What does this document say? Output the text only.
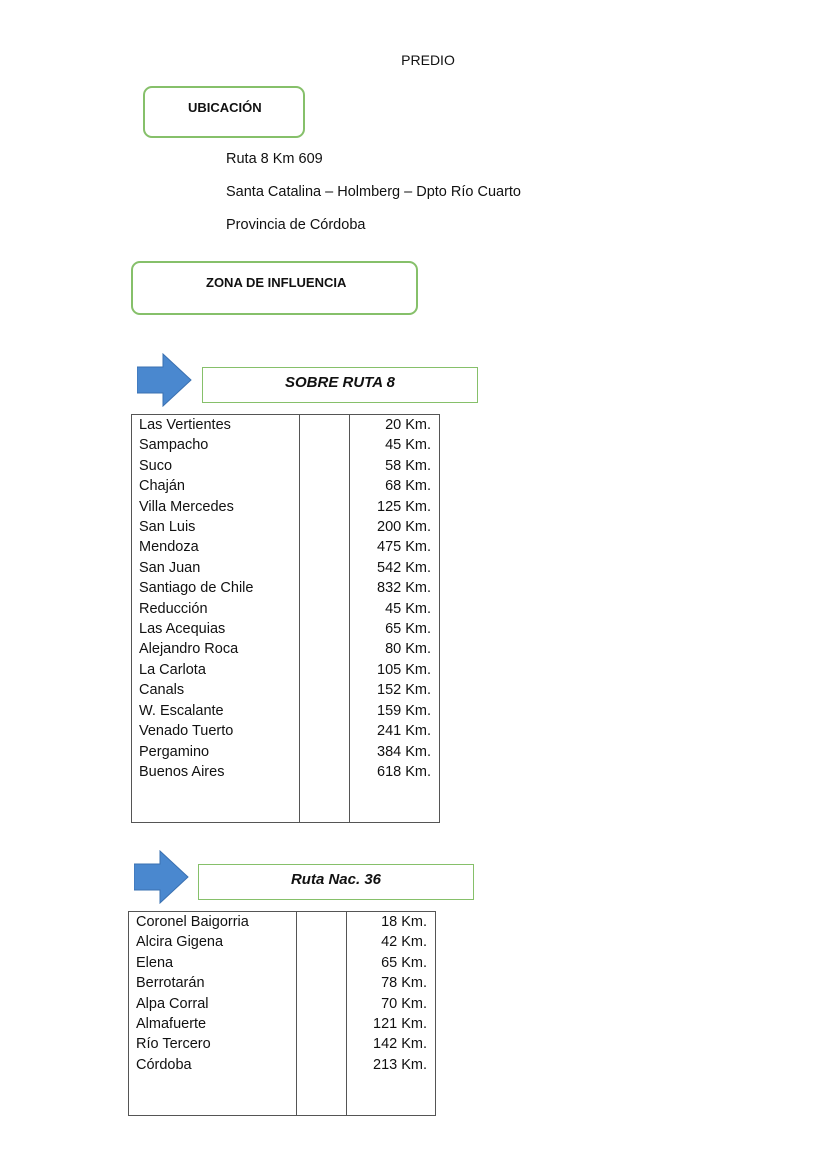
PREDIO
UBICACIÓN
Ruta 8 Km 609
Santa Catalina – Holmberg – Dpto Río Cuarto
Provincia de Córdoba
ZONA DE INFLUENCIA
SOBRE RUTA 8
Las Vertientes		20 Km.
Sampacho		45 Km.
Suco		58 Km.
Chaján		68 Km.
Villa Mercedes		125 Km.
San Luis		200 Km.
Mendoza		475 Km.
San Juan		542 Km.
Santiago de Chile		832 Km.
Reducción		45 Km.
Las Acequias		65 Km.
Alejandro Roca		80 Km.
La Carlota		105 Km.
Canals		152 Km.
W. Escalante		159 Km.
Venado Tuerto		241 Km.
Pergamino		384 Km.
Buenos Aires		618 Km.

Ruta Nac. 36
Coronel Baigorria		18 Km.
Alcira Gigena		42 Km.
Elena		65 Km.
Berrotarán		78 Km.
Alpa Corral		70 Km.
Almafuerte		121 Km.
Río Tercero		142 Km.
Córdoba		213 Km.
